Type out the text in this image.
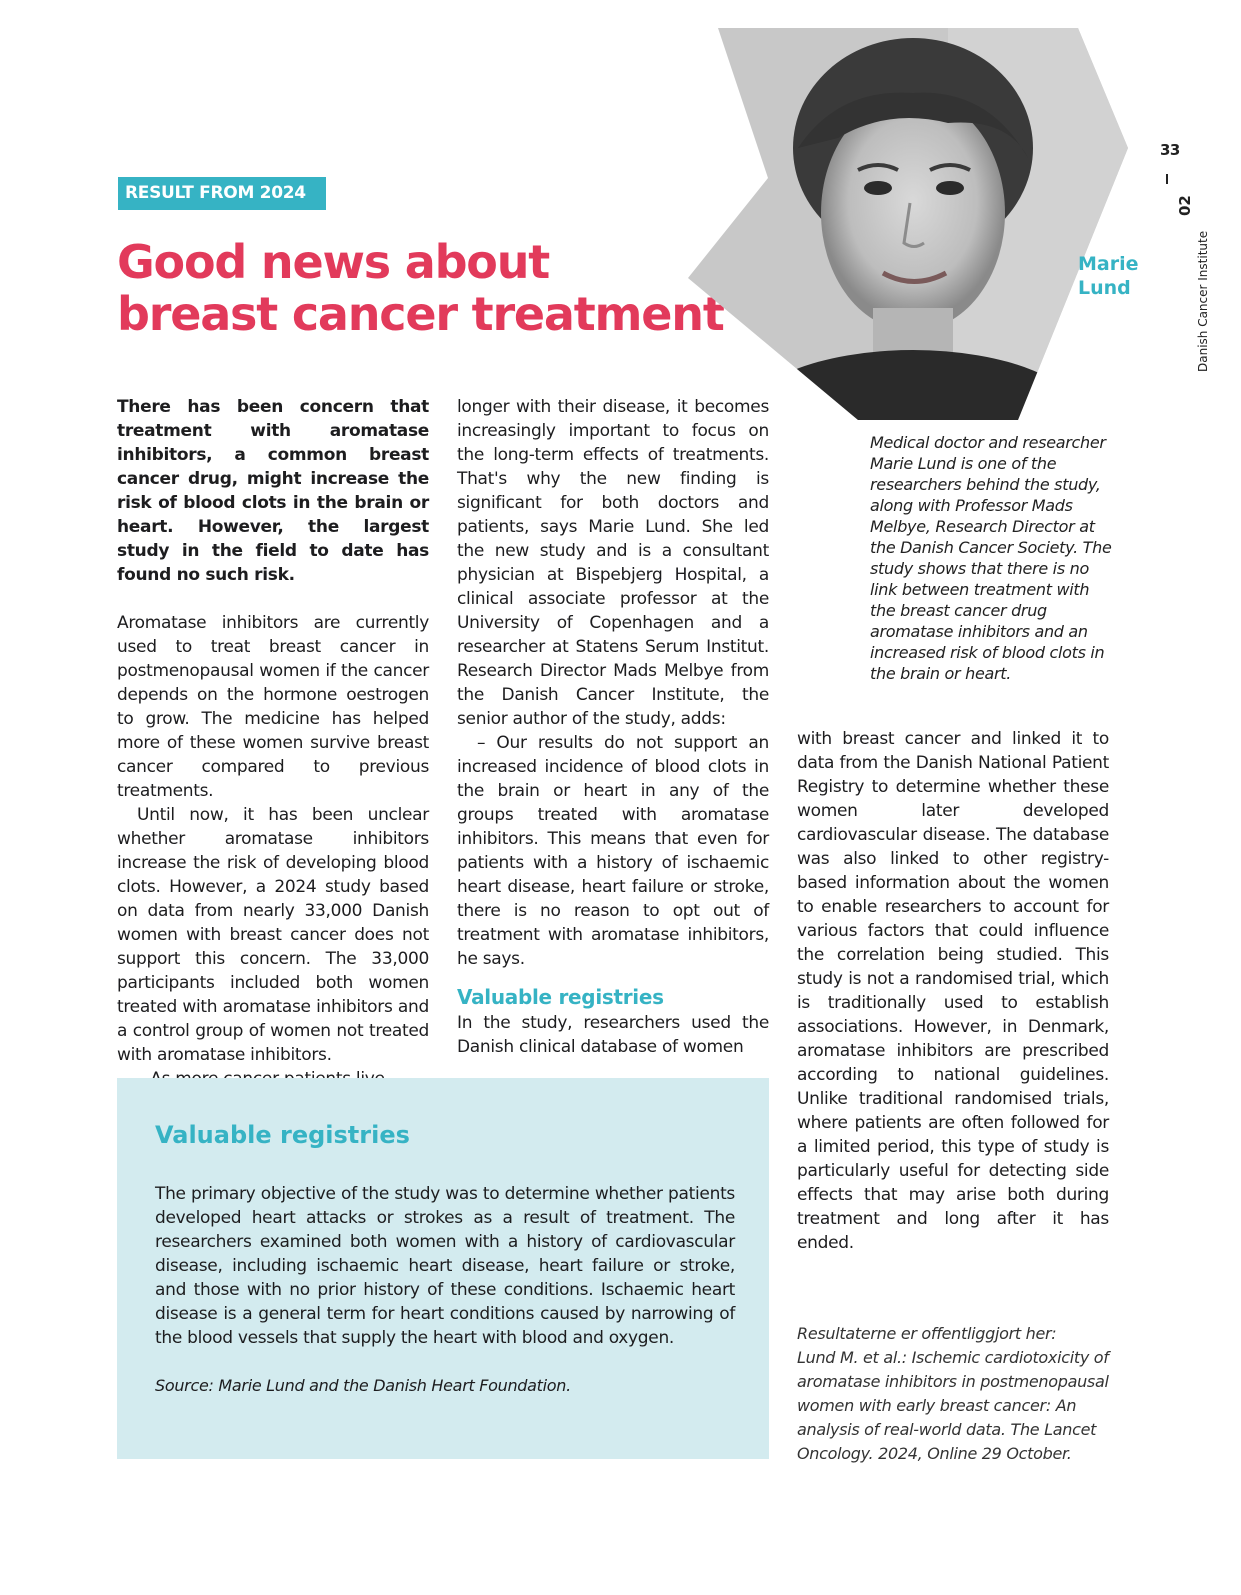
RESULT FROM 2024
Good news about
breast cancer treatment
Marie
Lund
33
02
Danish Cancer Institute
Medical doctor and researcher Marie Lund is one of the researchers behind the study, along with Professor Mads Melbye, Research Director at the Danish Cancer Society. The study shows that there is no link between treatment with the breast cancer drug aromatase inhibitors and an increased risk of blood clots in the brain or heart.

There has been concern that treatment with aromatase inhibitors, a common breast cancer drug, might increase the risk of blood clots in the brain or heart. However, the largest study in the field to date has found no such risk.

Aromatase inhibitors are currently used to treat breast cancer in postmenopausal women if the cancer depends on the hormone oestrogen to grow. The medicine has helped more of these women survive breast cancer compared to previous treatments.

Until now, it has been unclear whether aromatase inhibitors increase the risk of developing blood clots. However, a 2024 study based on data from nearly 33,000 Danish women with breast cancer does not support this concern. The 33,000 participants included both women treated with aromatase inhibitors and a control group of women not treated with aromatase inhibitors.

longer with their disease, it becomes increasingly important to focus on the long-term effects of treatments. That's why the new finding is significant for both doctors and patients, says Marie Lund. She led the new study and is a consultant physician at Bispebjerg Hospital, a clinical associate professor at the University of Copenhagen and a researcher at Statens Serum Institut. Research Director Mads Melbye from the Danish Cancer Institute, the senior author of the study, adds:

– Our results do not support an increased incidence of blood clots in the brain or heart in any of the groups treated with aromatase inhibitors. This means that even for patients with a history of ischaemic heart disease, heart failure or stroke, there is no reason to opt out of treatment with aromatase inhibitors, he says.

Valuable registries

In the study, researchers used the Danish clinical database of women

with breast cancer and linked it to data from the Danish National Patient Registry to determine whether these women later developed cardiovascular disease. The database was also linked to other registry-based information about the women to enable researchers to account for various factors that could influence the correlation being studied. This study is not a randomised trial, which is traditionally used to establish associations. However, in Denmark, aromatase inhibitors are prescribed according to national guidelines. Unlike traditional randomised trials, where patients are often followed for a limited period, this type of study is particularly useful for detecting side effects that may arise both during treatment and long after it has ended.

Valuable registries

The primary objective of the study was to determine whether patients developed heart attacks or strokes as a result of treatment. The researchers examined both women with a history of cardiovascular disease, including ischaemic heart disease, heart failure or stroke, and those with no prior history of these conditions. Ischaemic heart disease is a general term for heart conditions caused by narrowing of the blood vessels that supply the heart with blood and oxygen.

Source: Marie Lund and the Danish Heart Foundation.

Resultaterne er offentliggjort her:

Lund M. et al.: Ischemic cardiotoxicity of aromatase inhibitors in postmenopausal women with early breast cancer: An analysis of real-world data. The Lancet Oncology. 2024, Online 29 October.
